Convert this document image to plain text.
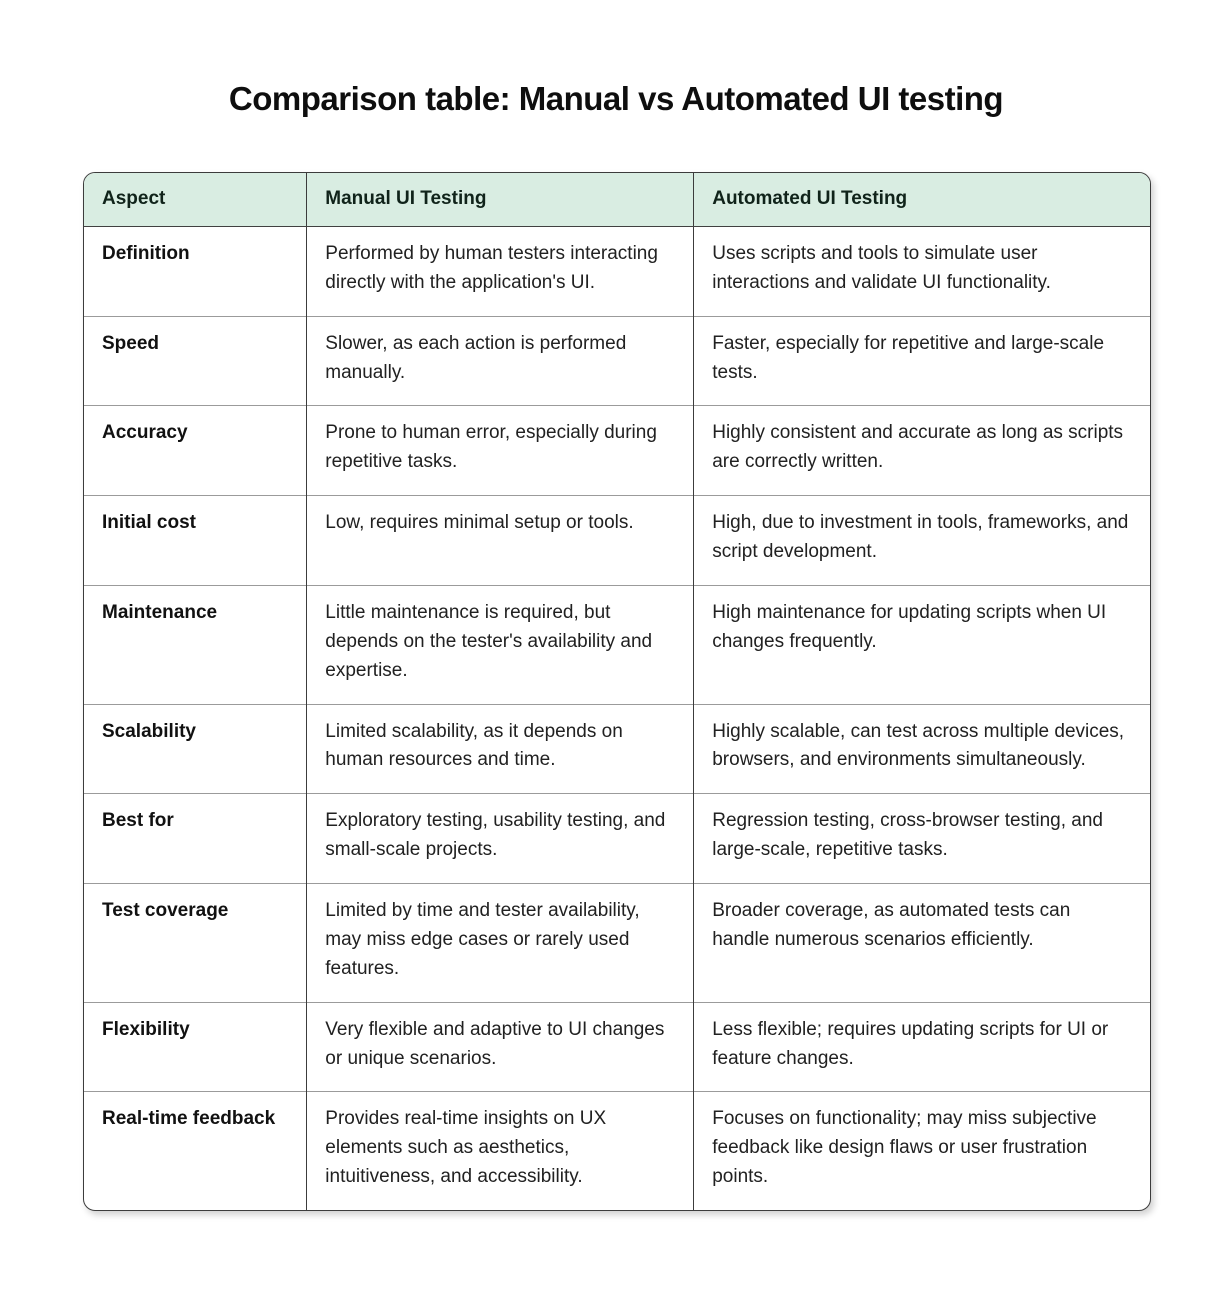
Comparison table: Manual vs Automated UI testing
Aspect	Manual UI Testing	Automated UI Testing
Definition	Performed by human testers interacting directly with the application's UI.	Uses scripts and tools to simulate user interactions and validate UI functionality.
Speed	Slower, as each action is performed manually.	Faster, especially for repetitive and large-scale tests.
Accuracy	Prone to human error, especially during repetitive tasks.	Highly consistent and accurate as long as scripts are correctly written.
Initial cost	Low, requires minimal setup or tools.	High, due to investment in tools, frameworks, and script development.
Maintenance	Little maintenance is required, but depends on the tester's availability and expertise.	High maintenance for updating scripts when UI changes frequently.
Scalability	Limited scalability, as it depends on human resources and time.	Highly scalable, can test across multiple devices, browsers, and environments simultaneously.
Best for	Exploratory testing, usability testing, and small-scale projects.	Regression testing, cross-browser testing, and large-scale, repetitive tasks.
Test coverage	Limited by time and tester availability, may miss edge cases or rarely used features.	Broader coverage, as automated tests can handle numerous scenarios efficiently.
Flexibility	Very flexible and adaptive to UI changes or unique scenarios.	Less flexible; requires updating scripts for UI or feature changes.
Real-time feedback	Provides real-time insights on UX elements such as aesthetics, intuitiveness, and accessibility.	Focuses on functionality; may miss subjective feedback like design flaws or user frustration points.
